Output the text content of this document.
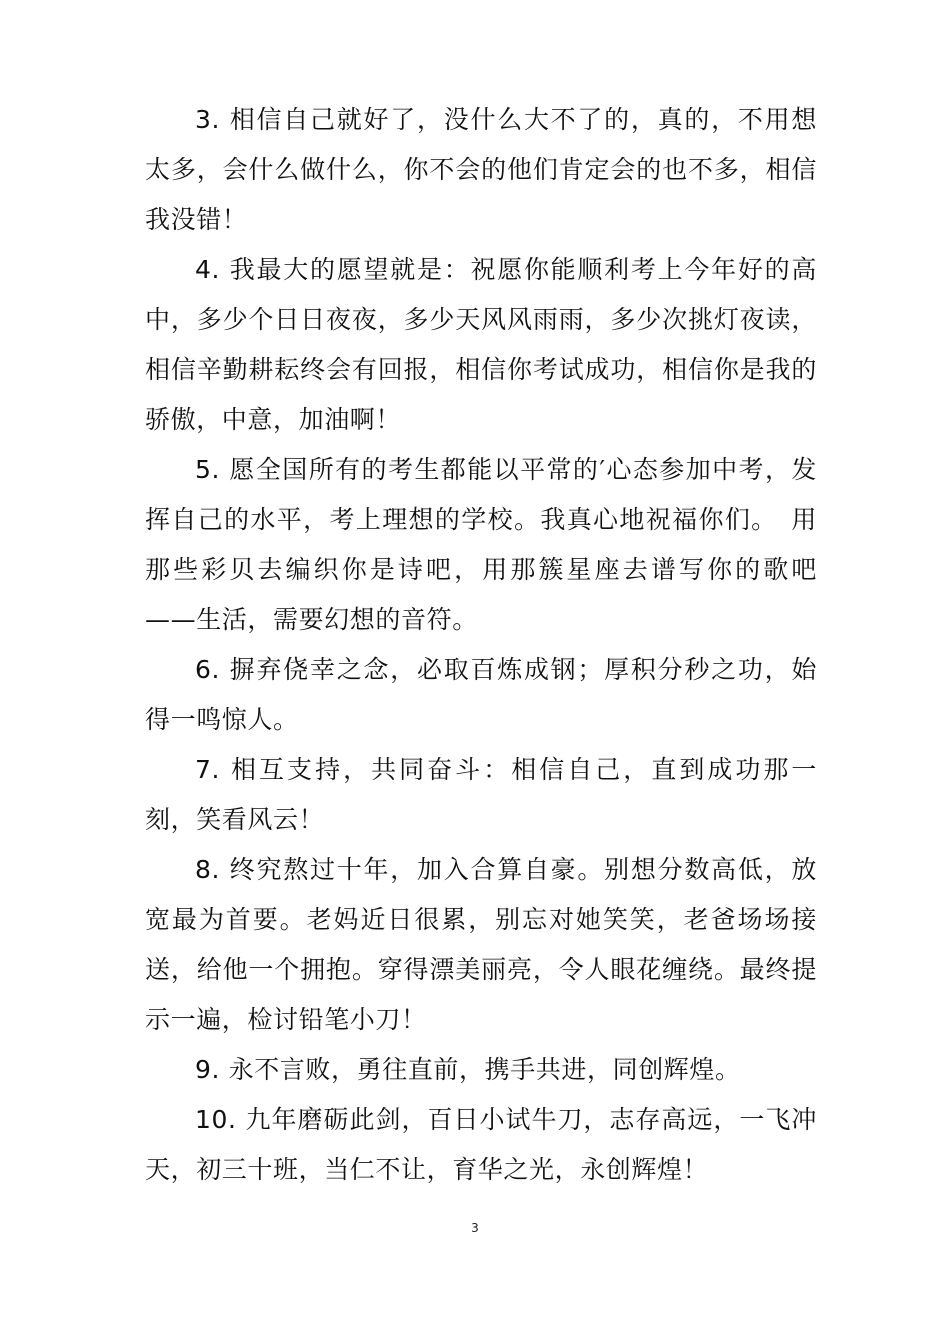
3. 相信自己就好了，没什么大不了的，真的，不用想太多，会什么做什么，你不会的他们肯定会的也不多，相信我没错！

4. 我最大的愿望就是：祝愿你能顺利考上今年好的高中，多少个日日夜夜，多少天风风雨雨，多少次挑灯夜读，相信辛勤耕耘终会有回报，相信你考试成功，相信你是我的骄傲，中意，加油啊！

5. 愿全国所有的考生都能以平常的′心态参加中考，发挥自己的水平，考上理想的学校。我真心地祝福你们。　用那些彩贝去编织你是诗吧，用那簇星座去谱写你的歌吧 ——生活，需要幻想的音符。

6. 摒弃侥幸之念，必取百炼成钢；厚积分秒之功，始得一鸣惊人。

7. 相互支持，共同奋斗：相信自己，直到成功那一刻，笑看风云！

8. 终究熬过十年，加入合算自豪。别想分数高低，放宽最为首要。老妈近日很累，别忘对她笑笑，老爸场场接送，给他一个拥抱。穿得漂美丽亮，令人眼花缠绕。最终提示一遍，检讨铅笔小刀！

9. 永不言败，勇往直前，携手共进，同创辉煌。

10. 九年磨砺此剑，百日小试牛刀，志存高远，一飞冲天，初三十班，当仁不让，育华之光，永创辉煌！

3
